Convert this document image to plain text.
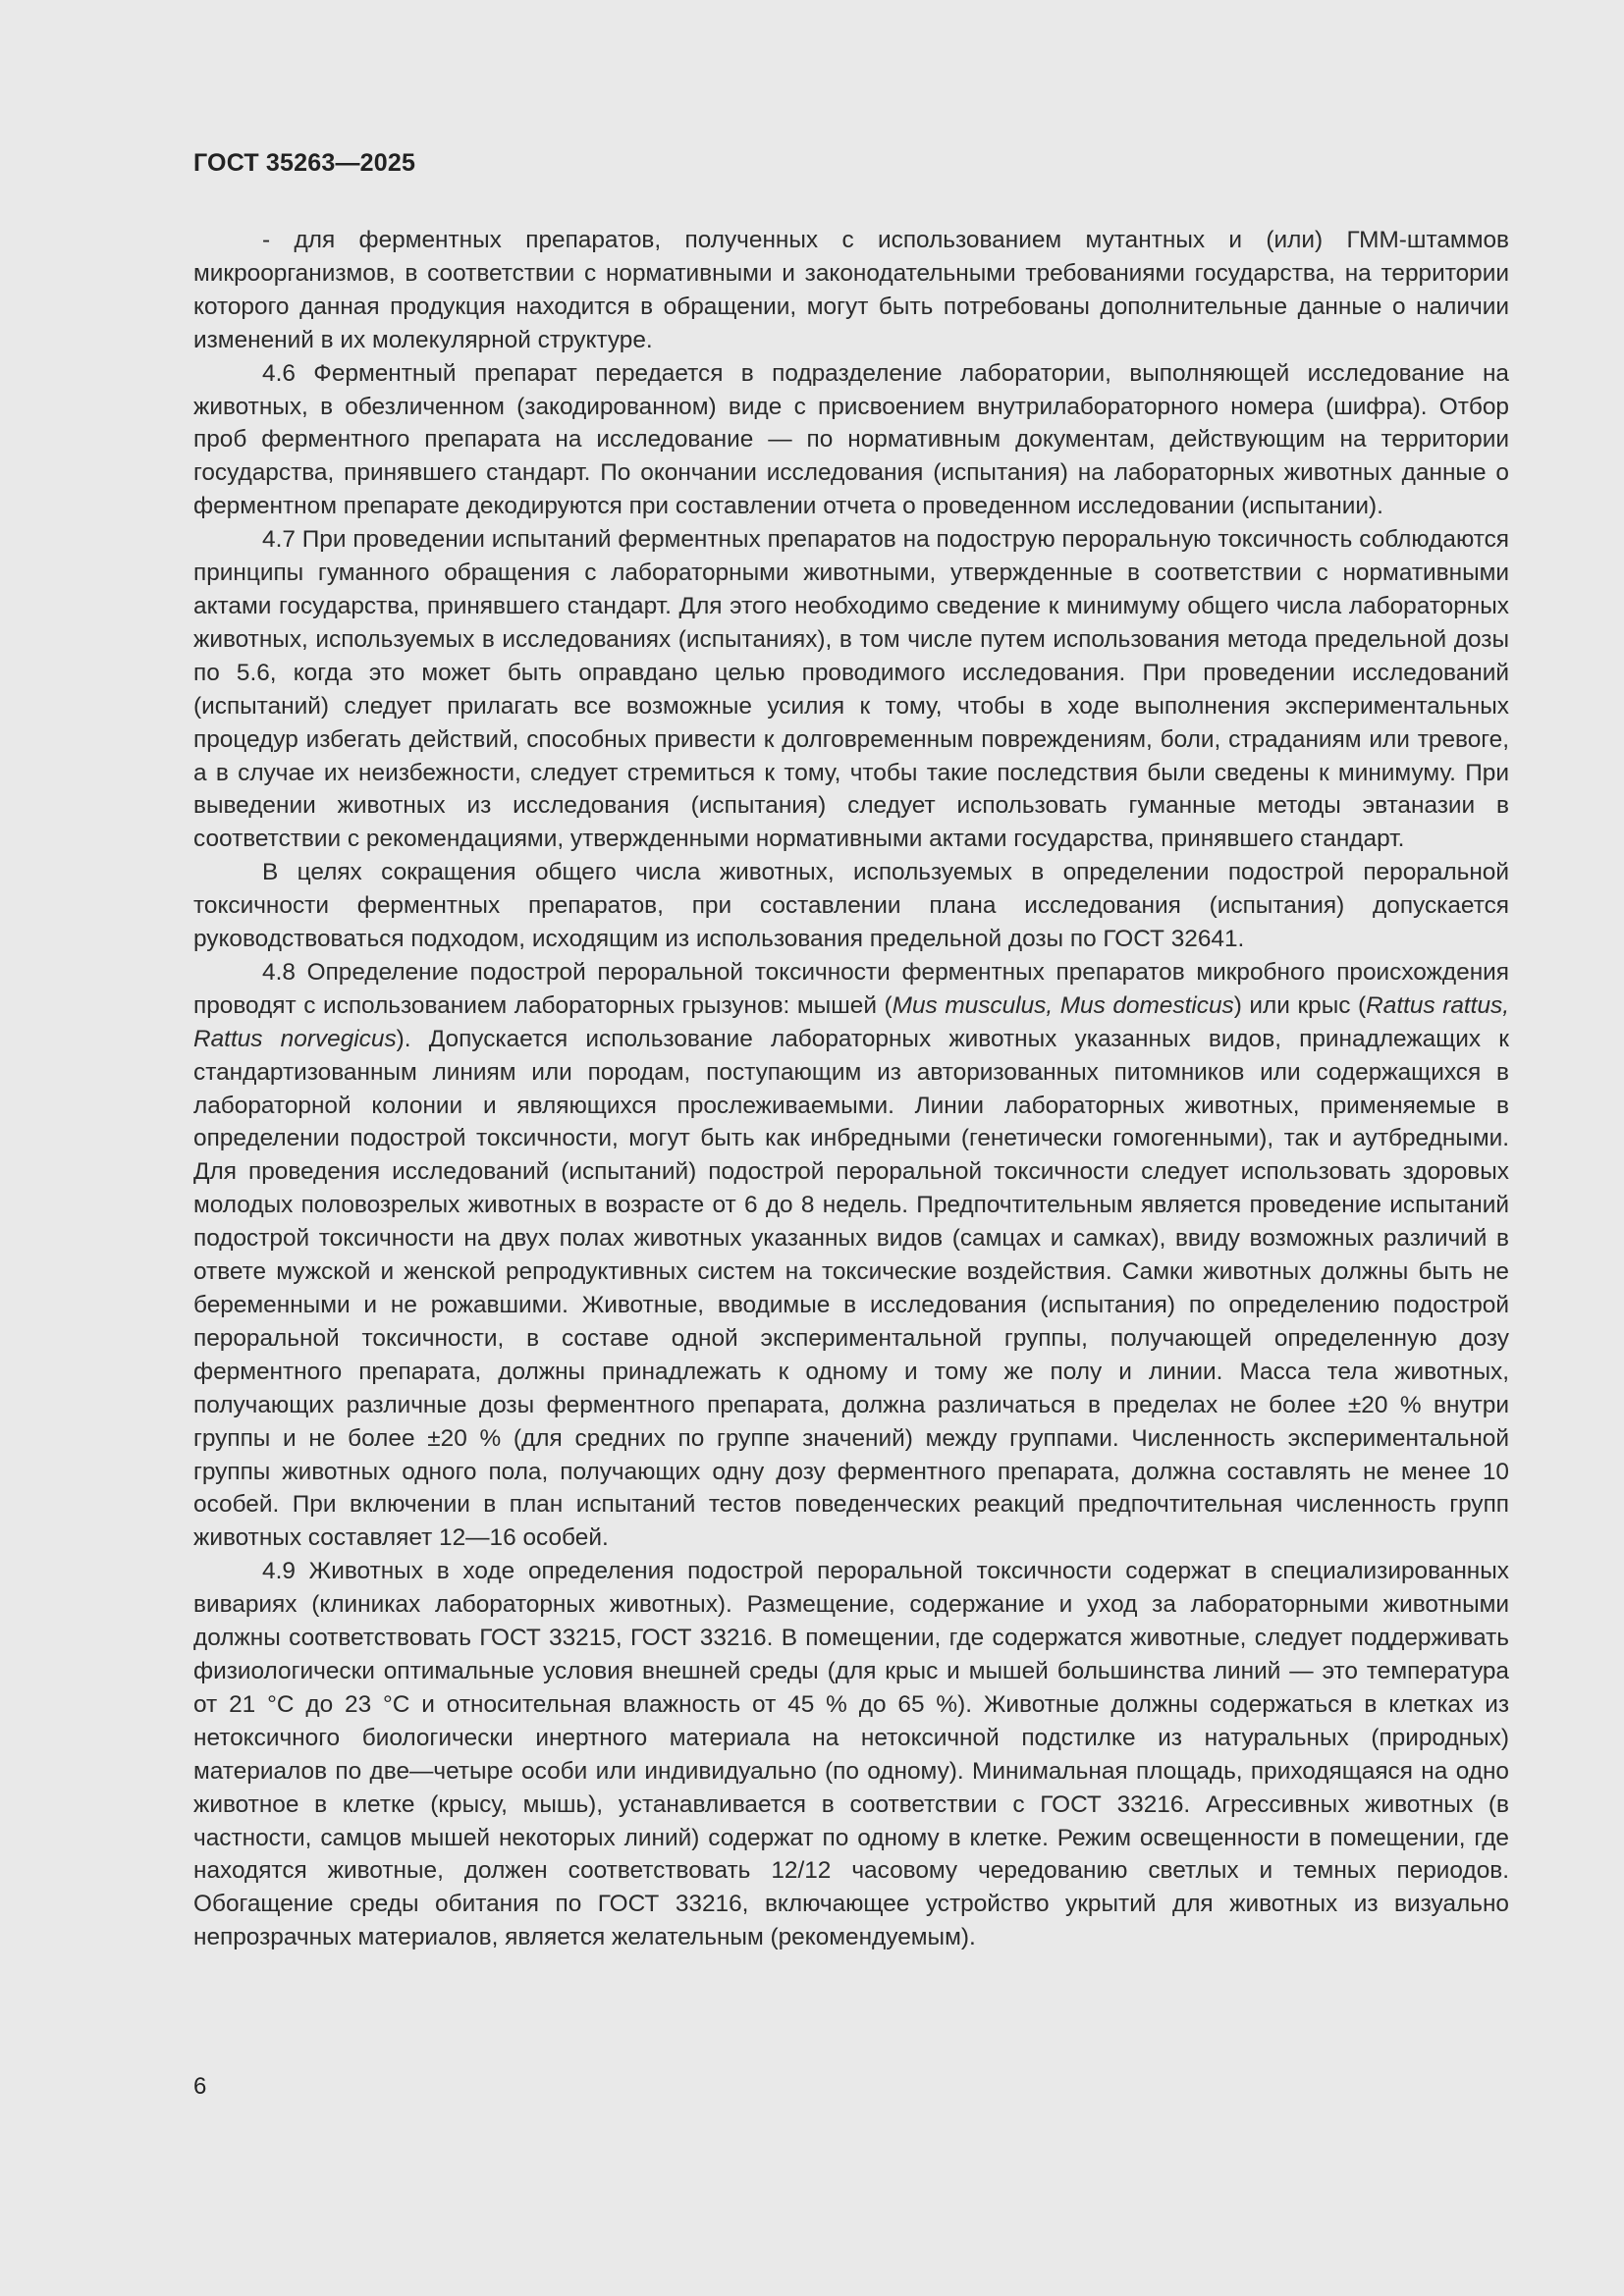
ГОСТ 35263—2025

- для ферментных препаратов, полученных с использованием мутантных и (или) ГММ-штаммов микроорганизмов, в соответствии с нормативными и законодательными требованиями государства, на территории которого данная продукция находится в обращении, могут быть потребованы дополнительные данные о наличии изменений в их молекулярной структуре.

4.6 Ферментный препарат передается в подразделение лаборатории, выполняющей исследование на животных, в обезличенном (закодированном) виде с присвоением внутрилабораторного номера (шифра). Отбор проб ферментного препарата на исследование — по нормативным документам, действующим на территории государства, принявшего стандарт. По окончании исследования (испытания) на лабораторных животных данные о ферментном препарате декодируются при составлении отчета о проведенном исследовании (испытании).

4.7 При проведении испытаний ферментных препаратов на подострую пероральную токсичность соблюдаются принципы гуманного обращения с лабораторными животными, утвержденные в соответствии с нормативными актами государства, принявшего стандарт. Для этого необходимо сведение к минимуму общего числа лабораторных животных, используемых в исследованиях (испытаниях), в том числе путем использования метода предельной дозы по 5.6, когда это может быть оправдано целью проводимого исследования. При проведении исследований (испытаний) следует прилагать все возможные усилия к тому, чтобы в ходе выполнения экспериментальных процедур избегать действий, способных привести к долговременным повреждениям, боли, страданиям или тревоге, а в случае их неизбежности, следует стремиться к тому, чтобы такие последствия были сведены к минимуму. При выведении животных из исследования (испытания) следует использовать гуманные методы эвтаназии в соответствии с рекомендациями, утвержденными нормативными актами государства, принявшего стандарт.

В целях сокращения общего числа животных, используемых в определении подострой пероральной токсичности ферментных препаратов, при составлении плана исследования (испытания) допускается руководствоваться подходом, исходящим из использования предельной дозы по ГОСТ 32641.

4.8 Определение подострой пероральной токсичности ферментных препаратов микробного происхождения проводят с использованием лабораторных грызунов: мышей (Mus musculus, Mus domesticus) или крыс (Rattus rattus, Rattus norvegicus). Допускается использование лабораторных животных указанных видов, принадлежащих к стандартизованным линиям или породам, поступающим из авторизованных питомников или содержащихся в лабораторной колонии и являющихся прослеживаемыми. Линии лабораторных животных, применяемые в определении подострой токсичности, могут быть как инбредными (генетически гомогенными), так и аутбредными. Для проведения исследований (испытаний) подострой пероральной токсичности следует использовать здоровых молодых половозрелых животных в возрасте от 6 до 8 недель. Предпочтительным является проведение испытаний подострой токсичности на двух полах животных указанных видов (самцах и самках), ввиду возможных различий в ответе мужской и женской репродуктивных систем на токсические воздействия. Самки животных должны быть не беременными и не рожавшими. Животные, вводимые в исследования (испытания) по определению подострой пероральной токсичности, в составе одной экспериментальной группы, получающей определенную дозу ферментного препарата, должны принадлежать к одному и тому же полу и линии. Масса тела животных, получающих различные дозы ферментного препарата, должна различаться в пределах не более ±20 % внутри группы и не более ±20 % (для средних по группе значений) между группами. Численность экспериментальной группы животных одного пола, получающих одну дозу ферментного препарата, должна составлять не менее 10 особей. При включении в план испытаний тестов поведенческих реакций предпочтительная численность групп животных составляет 12—16 особей.

4.9 Животных в ходе определения подострой пероральной токсичности содержат в специализированных вивариях (клиниках лабораторных животных). Размещение, содержание и уход за лабораторными животными должны соответствовать ГОСТ 33215, ГОСТ 33216. В помещении, где содержатся животные, следует поддерживать физиологически оптимальные условия внешней среды (для крыс и мышей большинства линий — это температура от 21 °С до 23 °С и относительная влажность от 45 % до 65 %). Животные должны содержаться в клетках из нетоксичного биологически инертного материала на нетоксичной подстилке из натуральных (природных) материалов по две—четыре особи или индивидуально (по одному). Минимальная площадь, приходящаяся на одно животное в клетке (крысу, мышь), устанавливается в соответствии с ГОСТ 33216. Агрессивных животных (в частности, самцов мышей некоторых линий) содержат по одному в клетке. Режим освещенности в помещении, где находятся животные, должен соответствовать 12/12 часовому чередованию светлых и темных периодов. Обогащение среды обитания по ГОСТ 33216, включающее устройство укрытий для животных из визуально непрозрачных материалов, является желательным (рекомендуемым).

6
